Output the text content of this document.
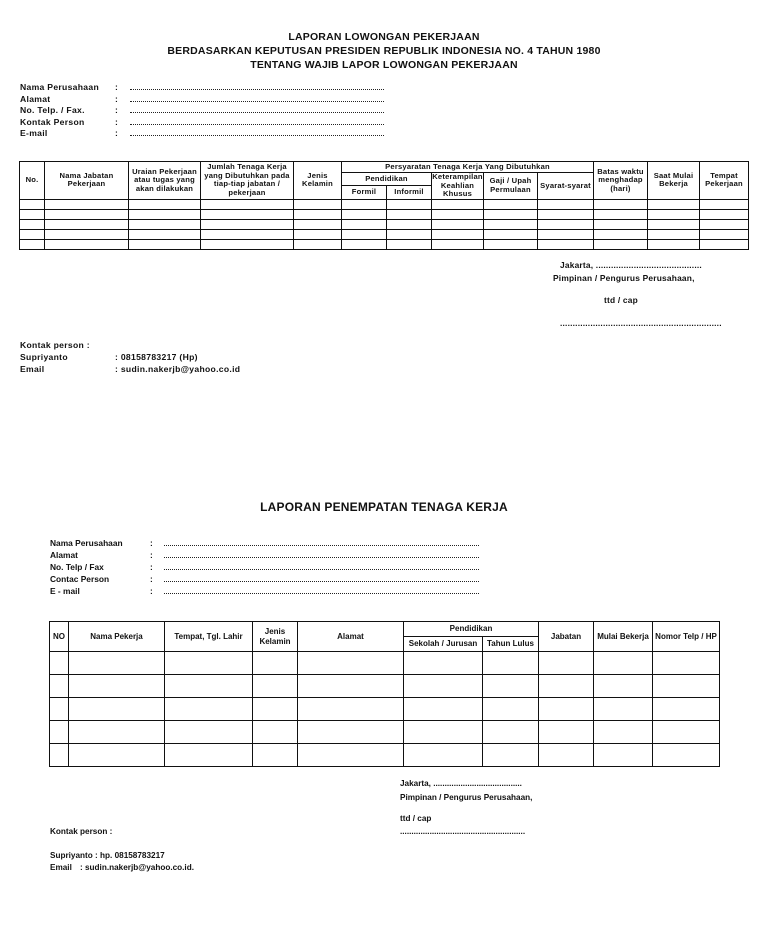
LAPORAN LOWONGAN PEKERJAAN
BERDASARKAN KEPUTUSAN PRESIDEN REPUBLIK INDONESIA NO. 4 TAHUN 1980
TENTANG WAJIB LAPOR LOWONGAN PEKERJAAN
Nama Perusahaan	:
Alamat	:
No. Telp. / Fax.	:
Kontak Person	:
E-mail	:
No.	Nama Jabatan Pekerjaan	Uraian Pekerjaan atau tugas yang akan dilakukan	Jumlah Tenaga Kerja yang Dibutuhkan pada tiap-tiap jabatan / pekerjaan	Jenis Kelamin	Persyaratan Tenaga Kerja Yang Dibutuhkan					Batas waktu menghadap (hari)	Saat Mulai Bekerja	Tempat Pekerjaan
					Pendidikan		Keterampilan Keahlian Khusus	Gaji / Upah Permulaan	Syarat-syarat			
					Formil	Informil						

Jakarta, ..........................................
Pimpinan / Pengurus Perusahaan,
ttd / cap
................................................................
Kontak person :
Supriyanto	: 08158783217 (Hp)
Email	: sudin.nakerjb@yahoo.co.id
LAPORAN PENEMPATAN TENAGA KERJA
Nama Perusahaan	:
Alamat	:
No. Telp / Fax	:
Contac Person	:
E - mail	:
NO	Nama Pekerja	Tempat, Tgl. Lahir	Jenis Kelamin	Alamat	Pendidikan		Jabatan	Mulai Bekerja	Nomor Telp / HP
					Sekolah / Jurusan	Tahun Lulus			

Jakarta, .......................................
Pimpinan / Pengurus Perusahaan,
ttd / cap
.......................................................
Kontak person :
Supriyanto : hp. 08158783217
Email : sudin.nakerjb@yahoo.co.id.
